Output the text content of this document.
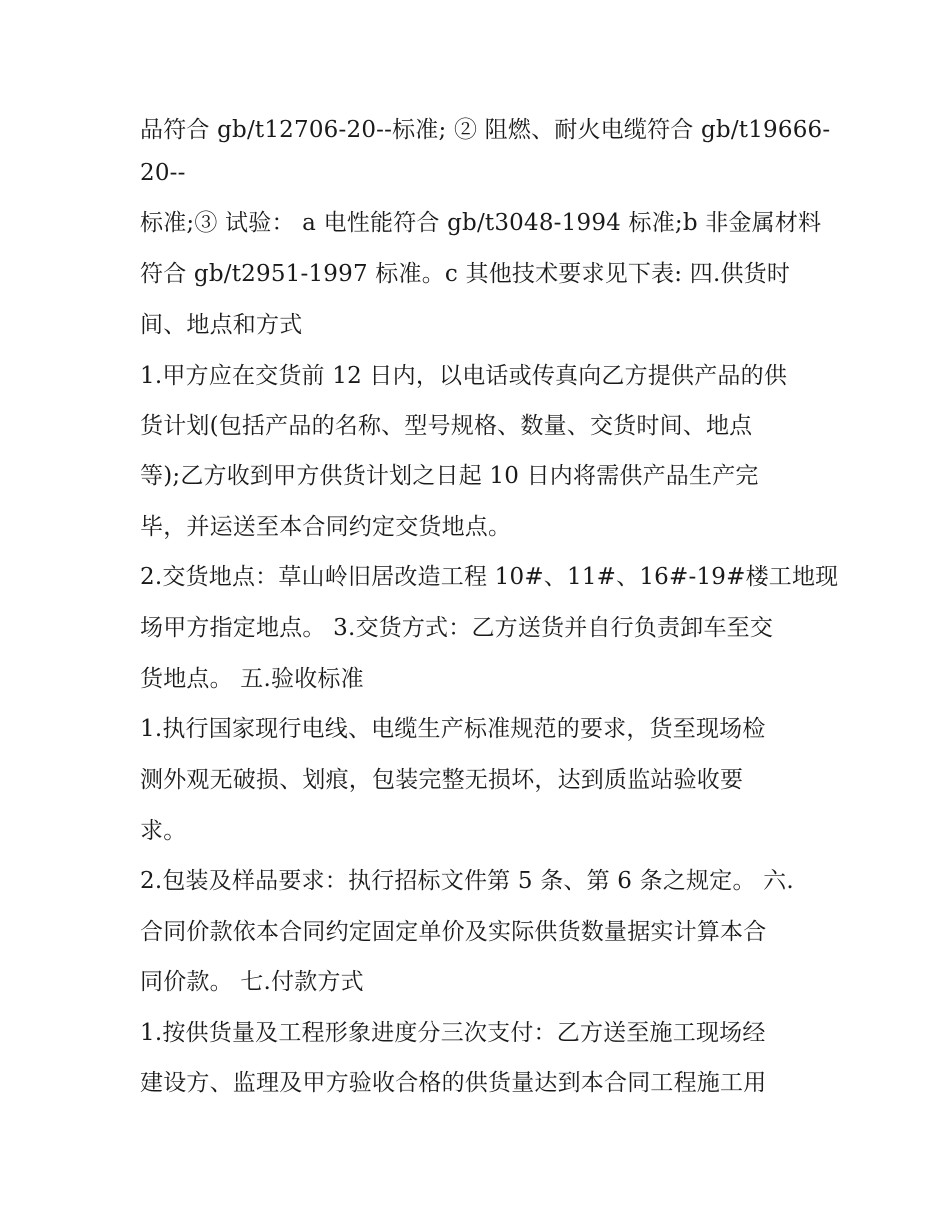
品符合 gb/t12706-20--标准; ② 阻燃、耐火电缆符合 gb/t19666-

20--

标准;③ 试验： a 电性能符合 gb/t3048-1994 标准;b 非金属材料

符合 gb/t2951-1997 标准。c 其他技术要求见下表: 四.供货时

间、地点和方式

1.甲方应在交货前 12 日内，以电话或传真向乙方提供产品的供

货计划(包括产品的名称、型号规格、数量、交货时间、地点

等);乙方收到甲方供货计划之日起 10 日内将需供产品生产完

毕，并运送至本合同约定交货地点。

2.交货地点：草山岭旧居改造工程 10#、11#、16#-19#楼工地现

场甲方指定地点。 3.交货方式：乙方送货并自行负责卸车至交

货地点。 五.验收标准

1.执行国家现行电线、电缆生产标准规范的要求，货至现场检

测外观无破损、划痕，包装完整无损坏，达到质监站验收要

求。

2.包装及样品要求：执行招标文件第 5 条、第 6 条之规定。 六.

合同价款依本合同约定固定单价及实际供货数量据实计算本合

同价款。 七.付款方式

1.按供货量及工程形象进度分三次支付：乙方送至施工现场经

建设方、监理及甲方验收合格的供货量达到本合同工程施工用
